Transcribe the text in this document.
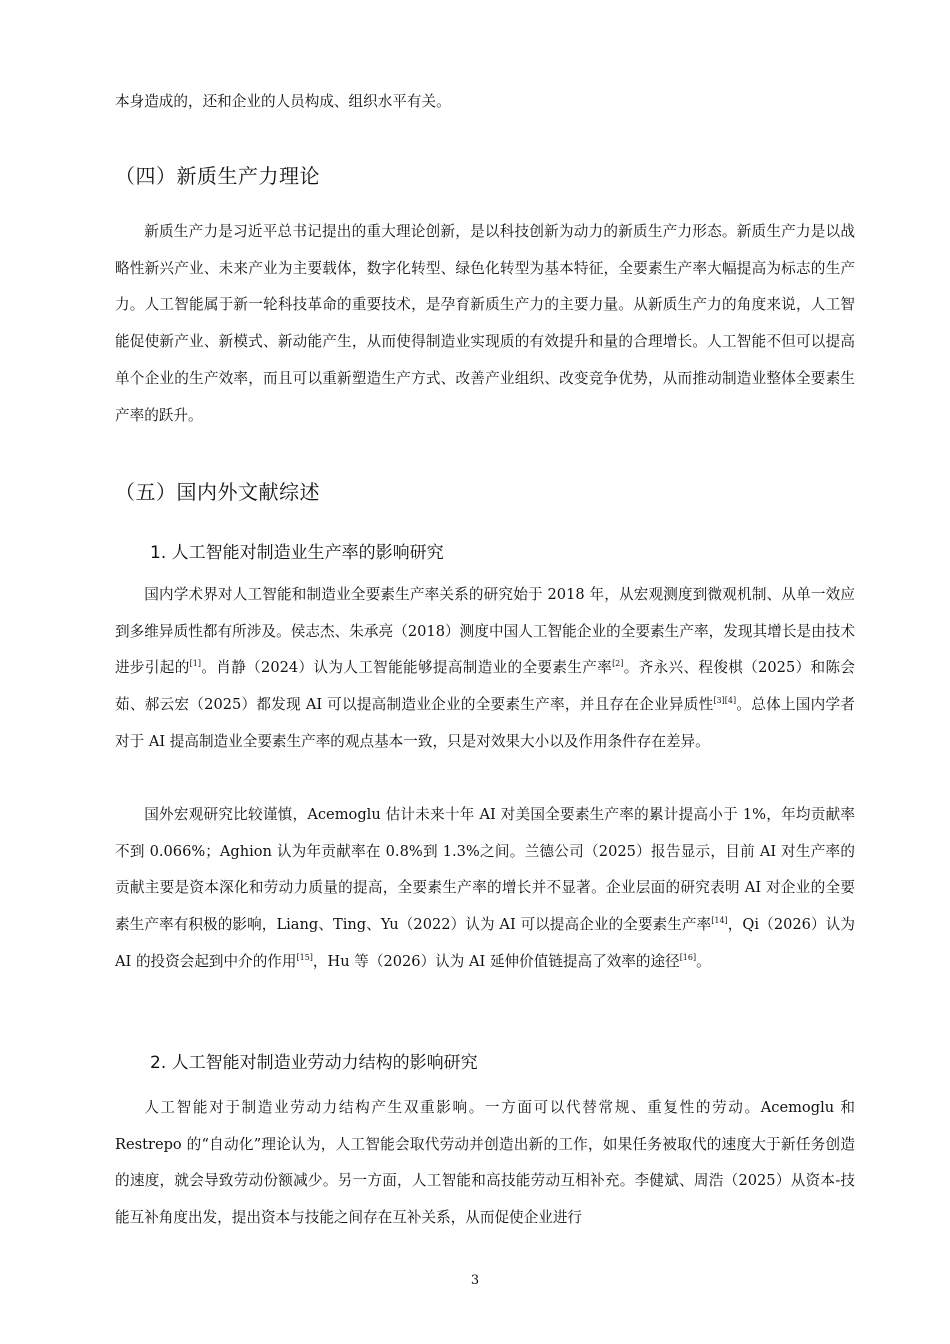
本身造成的，还和企业的人员构成、组织水平有关。

（四）新质生产力理论

新质生产力是习近平总书记提出的重大理论创新，是以科技创新为动力的新质生产力形态。新质生产力是以战略性新兴产业、未来产业为主要载体，数字化转型、绿色化转型为基本特征，全要素生产率大幅提高为标志的生产力。人工智能属于新一轮科技革命的重要技术，是孕育新质生产力的主要力量。从新质生产力的角度来说，人工智能促使新产业、新模式、新动能产生，从而使得制造业实现质的有效提升和量的合理增长。人工智能不但可以提高单个企业的生产效率，而且可以重新塑造生产方式、改善产业组织、改变竞争优势，从而推动制造业整体全要素生产率的跃升。

（五）国内外文献综述
1. 人工智能对制造业生产率的影响研究

国内学术界对人工智能和制造业全要素生产率关系的研究始于 2018 年，从宏观测度到微观机制、从单一效应到多维异质性都有所涉及。侯志杰、朱承亮（2018）测度中国人工智能企业的全要素生产率，发现其增长是由技术进步引起的[1]。肖静（2024）认为人工智能能够提高制造业的全要素生产率[2]。齐永兴、程俊棋（2025）和陈会茹、郝云宏（2025）都发现 AI 可以提高制造业企业的全要素生产率，并且存在企业异质性[3][4]。总体上国内学者对于 AI 提高制造业全要素生产率的观点基本一致，只是对效果大小以及作用条件存在差异。

国外宏观研究比较谨慎，Acemoglu 估计未来十年 AI 对美国全要素生产率的累计提高小于 1%，年均贡献率不到 0.066%；Aghion 认为年贡献率在 0.8%到 1.3%之间。兰德公司（2025）报告显示，目前 AI 对生产率的贡献主要是资本深化和劳动力质量的提高，全要素生产率的增长并不显著。企业层面的研究表明 AI 对企业的全要素生产率有积极的影响，Liang、Ting、Yu（2022）认为 AI 可以提高企业的全要素生产率[14]，Qi（2026）认为 AI 的投资会起到中介的作用[15]，Hu 等（2026）认为 AI 延伸价值链提高了效率的途径[16]。

2. 人工智能对制造业劳动力结构的影响研究

人工智能对于制造业劳动力结构产生双重影响。一方面可以代替常规、重复性的劳动。Acemoglu 和 Restrepo 的“自动化”理论认为，人工智能会取代劳动并创造出新的工作，如果任务被取代的速度大于新任务创造的速度，就会导致劳动份额减少。另一方面，人工智能和高技能劳动互相补充。李健斌、周浩（2025）从资本-技能互补角度出发，提出资本与技能之间存在互补关系，从而促使企业进行

3
